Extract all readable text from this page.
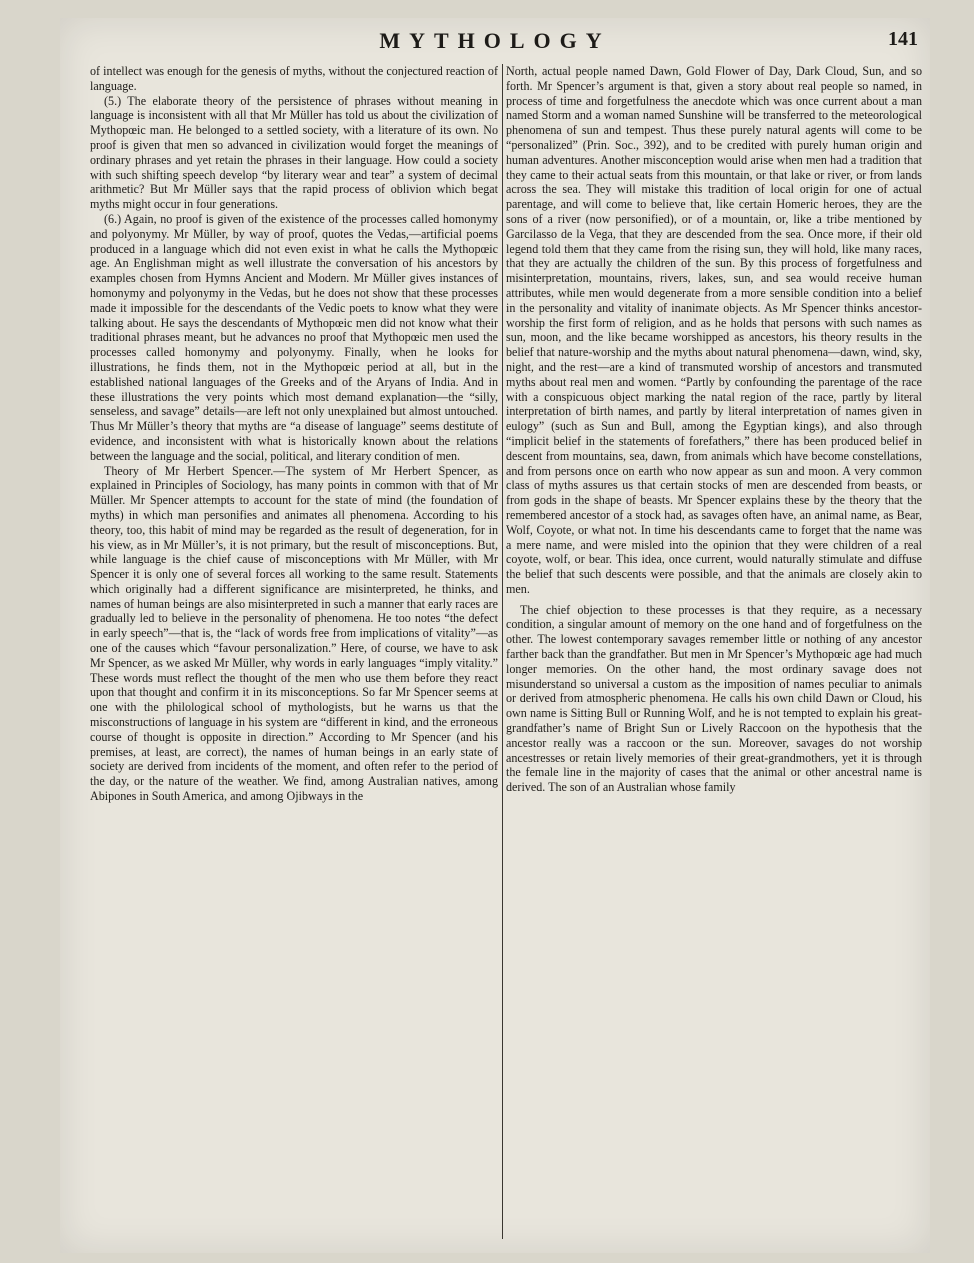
MYTHOLOGY	141

of intellect was enough for the genesis of myths, without the conjectured reaction of language.

(5.) The elaborate theory of the persistence of phrases without meaning in language is inconsistent with all that Mr Müller has told us about the civilization of Mythopœic man. He belonged to a settled society, with a literature of its own. No proof is given that men so advanced in civilization would forget the meanings of ordinary phrases and yet retain the phrases in their language. How could a society with such shifting speech develop “by literary wear and tear” a system of decimal arithmetic? But Mr Müller says that the rapid process of oblivion which begat myths might occur in four generations.

(6.) Again, no proof is given of the existence of the processes called homonymy and polyonymy. Mr Müller, by way of proof, quotes the Vedas,—artificial poems produced in a language which did not even exist in what he calls the Mythopœic age. An Englishman might as well illustrate the conversation of his ancestors by examples chosen from Hymns Ancient and Modern. Mr Müller gives instances of homonymy and polyonymy in the Vedas, but he does not show that these processes made it impossible for the descendants of the Vedic poets to know what they were talking about. He says the descendants of Mythopœic men did not know what their traditional phrases meant, but he advances no proof that Mythopœic men used the processes called homonymy and polyonymy. Finally, when he looks for illustrations, he finds them, not in the Mythopœic period at all, but in the established national languages of the Greeks and of the Aryans of India. And in these illustrations the very points which most demand explanation—the “silly, senseless, and savage” details—are left not only unexplained but almost untouched. Thus Mr Müller’s theory that myths are “a disease of language” seems destitute of evidence, and inconsistent with what is historically known about the relations between the language and the social, political, and literary condition of men.

Theory of Mr Herbert Spencer.—The system of Mr Herbert Spencer, as explained in Principles of Sociology, has many points in common with that of Mr Müller. Mr Spencer attempts to account for the state of mind (the foundation of myths) in which man personifies and animates all phenomena. According to his theory, too, this habit of mind may be regarded as the result of degeneration, for in his view, as in Mr Müller’s, it is not primary, but the result of misconceptions. But, while language is the chief cause of misconceptions with Mr Müller, with Mr Spencer it is only one of several forces all working to the same result. Statements which originally had a different significance are misinterpreted, he thinks, and names of human beings are also misinterpreted in such a manner that early races are gradually led to believe in the personality of phenomena. He too notes “the defect in early speech”—that is, the “lack of words free from implications of vitality”—as one of the causes which “favour personalization.” Here, of course, we have to ask Mr Spencer, as we asked Mr Müller, why words in early languages “imply vitality.” These words must reflect the thought of the men who use them before they react upon that thought and confirm it in its misconceptions. So far Mr Spencer seems at one with the philological school of mythologists, but he warns us that the misconstructions of language in his system are “different in kind, and the erroneous course of thought is opposite in direction.” According to Mr Spencer (and his premises, at least, are correct), the names of human beings in an early state of society are derived from incidents of the moment, and often refer to the period of the day, or the nature of the weather. We find, among Australian natives, among Abipones in South America, and among Ojibways in the

North, actual people named Dawn, Gold Flower of Day, Dark Cloud, Sun, and so forth. Mr Spencer’s argument is that, given a story about real people so named, in process of time and forgetfulness the anecdote which was once current about a man named Storm and a woman named Sunshine will be transferred to the meteorological phenomena of sun and tempest. Thus these purely natural agents will come to be “personalized” (Prin. Soc., 392), and to be credited with purely human origin and human adventures. Another misconception would arise when men had a tradition that they came to their actual seats from this mountain, or that lake or river, or from lands across the sea. They will mistake this tradition of local origin for one of actual parentage, and will come to believe that, like certain Homeric heroes, they are the sons of a river (now personified), or of a mountain, or, like a tribe mentioned by Garcilasso de la Vega, that they are descended from the sea. Once more, if their old legend told them that they came from the rising sun, they will hold, like many races, that they are actually the children of the sun. By this process of forgetfulness and misinterpretation, mountains, rivers, lakes, sun, and sea would receive human attributes, while men would degenerate from a more sensible condition into a belief in the personality and vitality of inanimate objects. As Mr Spencer thinks ancestor-worship the first form of religion, and as he holds that persons with such names as sun, moon, and the like became worshipped as ancestors, his theory results in the belief that nature-worship and the myths about natural phenomena—dawn, wind, sky, night, and the rest—are a kind of transmuted worship of ancestors and transmuted myths about real men and women. “Partly by confounding the parentage of the race with a conspicuous object marking the natal region of the race, partly by literal interpretation of birth names, and partly by literal interpretation of names given in eulogy” (such as Sun and Bull, among the Egyptian kings), and also through “implicit belief in the statements of forefathers,” there has been produced belief in descent from mountains, sea, dawn, from animals which have become constellations, and from persons once on earth who now appear as sun and moon. A very common class of myths assures us that certain stocks of men are descended from beasts, or from gods in the shape of beasts. Mr Spencer explains these by the theory that the remembered ancestor of a stock had, as savages often have, an animal name, as Bear, Wolf, Coyote, or what not. In time his descendants came to forget that the name was a mere name, and were misled into the opinion that they were children of a real coyote, wolf, or bear. This idea, once current, would naturally stimulate and diffuse the belief that such descents were possible, and that the animals are closely akin to men.

The chief objection to these processes is that they require, as a necessary condition, a singular amount of memory on the one hand and of forgetfulness on the other. The lowest contemporary savages remember little or nothing of any ancestor farther back than the grandfather. But men in Mr Spencer’s Mythopœic age had much longer memories. On the other hand, the most ordinary savage does not misunderstand so universal a custom as the imposition of names peculiar to animals or derived from atmospheric phenomena. He calls his own child Dawn or Cloud, his own name is Sitting Bull or Running Wolf, and he is not tempted to explain his great-grandfather’s name of Bright Sun or Lively Raccoon on the hypothesis that the ancestor really was a raccoon or the sun. Moreover, savages do not worship ancestresses or retain lively memories of their great-grandmothers, yet it is through the female line in the majority of cases that the animal or other ancestral name is derived. The son of an Australian whose family
